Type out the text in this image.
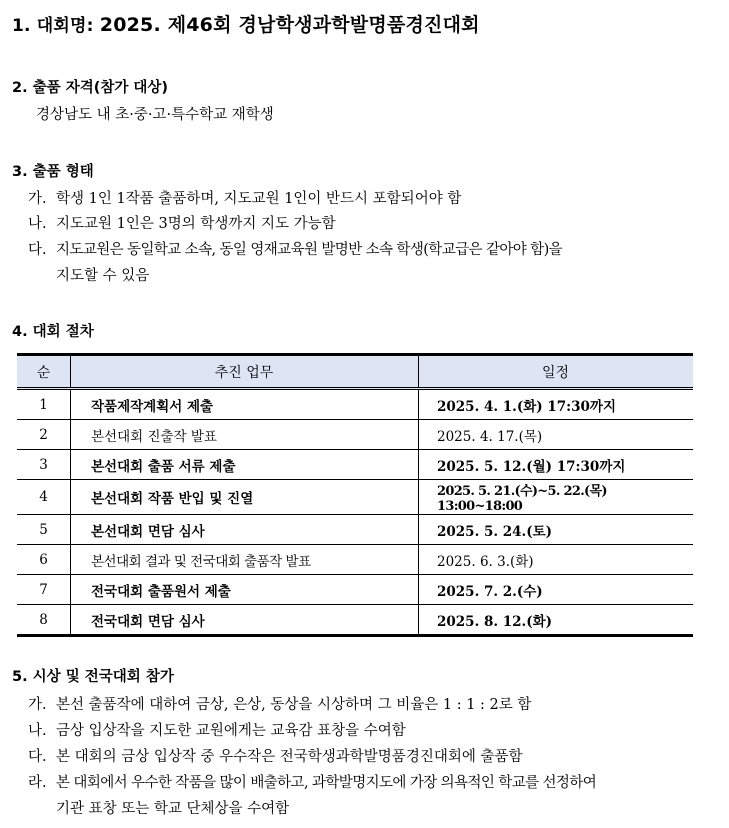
1. 대회명: 2025. 제46회 경남학생과학발명품경진대회
2. 출품 자격(참가 대상)
경상남도 내 초·중·고·특수학교 재학생
3. 출품 형태
가. 학생 1인 1작품 출품하며, 지도교원 1인이 반드시 포함되어야 함
나. 지도교원 1인은 3명의 학생까지 지도 가능함
다. 지도교원은 동일학교 소속, 동일 영재교육원 발명반 소속 학생(학교급은 같아야 함)을
지도할 수 있음
4. 대회 절차
순	추진 업무	일정
1	작품제작계획서 제출	2025. 4. 1.(화) 17:30까지
2	본선대회 진출작 발표	2025. 4. 17.(목)
3	본선대회 출품 서류 제출	2025. 5. 12.(월) 17:30까지
4	본선대회 작품 반입 및 진열	2025. 5. 21.(수)~5. 22.(목) 13:00~18:00
5	본선대회 면담 심사	2025. 5. 24.(토)
6	본선대회 결과 및 전국대회 출품작 발표	2025. 6. 3.(화)
7	전국대회 출품원서 제출	2025. 7. 2.(수)
8	전국대회 면담 심사	2025. 8. 12.(화)
5. 시상 및 전국대회 참가
가. 본선 출품작에 대하여 금상, 은상, 동상을 시상하며 그 비율은 1 : 1 : 2로 함
나. 금상 입상작을 지도한 교원에게는 교육감 표창을 수여함
다. 본 대회의 금상 입상작 중 우수작은 전국학생과학발명품경진대회에 출품함
라. 본 대회에서 우수한 작품을 많이 배출하고, 과학발명지도에 가장 의욕적인 학교를 선정하여
기관 표창 또는 학교 단체상을 수여함
